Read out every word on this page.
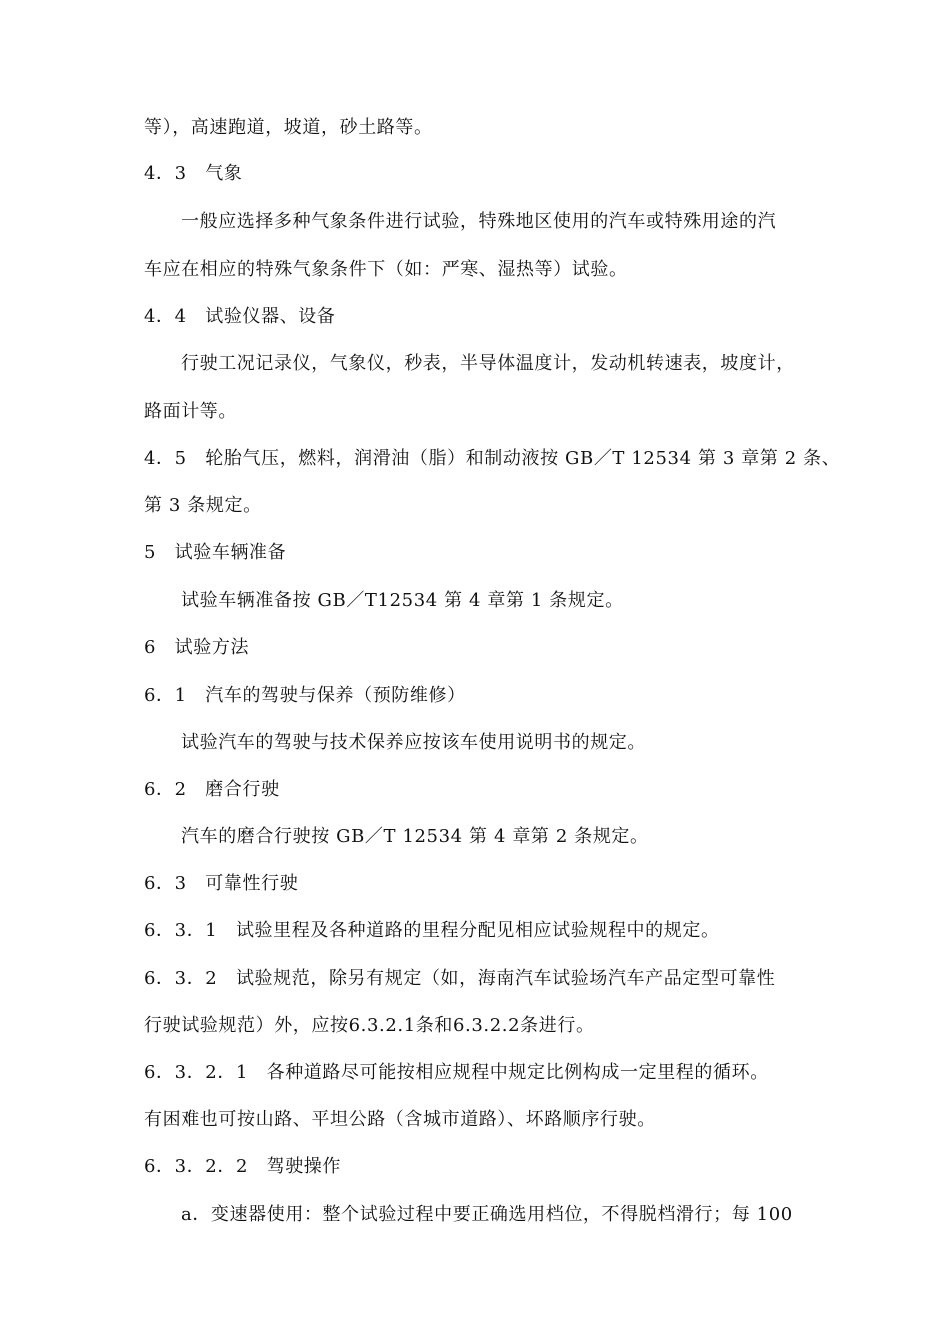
等），高速跑道，坡道，砂土路等。
4．3　气象
一般应选择多种气象条件进行试验，特殊地区使用的汽车或特殊用途的汽
车应在相应的特殊气象条件下（如：严寒、湿热等）试验。
4．4　试验仪器、设备
行驶工况记录仪，气象仪，秒表，半导体温度计，发动机转速表，坡度计，
路面计等。
4．5　轮胎气压，燃料，润滑油（脂）和制动液按 GB／T 12534 第 3 章第 2 条、
第 3 条规定。
5　试验车辆准备
试验车辆准备按 GB／T12534 第 4 章第 1 条规定。
6　试验方法
6．1　汽车的驾驶与保养（预防维修）
试验汽车的驾驶与技术保养应按该车使用说明书的规定。
6．2　磨合行驶
汽车的磨合行驶按 GB／T 12534 第 4 章第 2 条规定。
6．3　可靠性行驶
6．3．1　试验里程及各种道路的里程分配见相应试验规程中的规定。
6．3．2　试验规范，除另有规定（如，海南汽车试验场汽车产品定型可靠性
行驶试验规范）外，应按6.3.2.1条和6.3.2.2条进行。
6．3．2．1　各种道路尽可能按相应规程中规定比例构成一定里程的循环。
有困难也可按山路、平坦公路（含城市道路）、坏路顺序行驶。
6．3．2．2　驾驶操作
a．变速器使用：整个试验过程中要正确选用档位，不得脱档滑行；每 100
